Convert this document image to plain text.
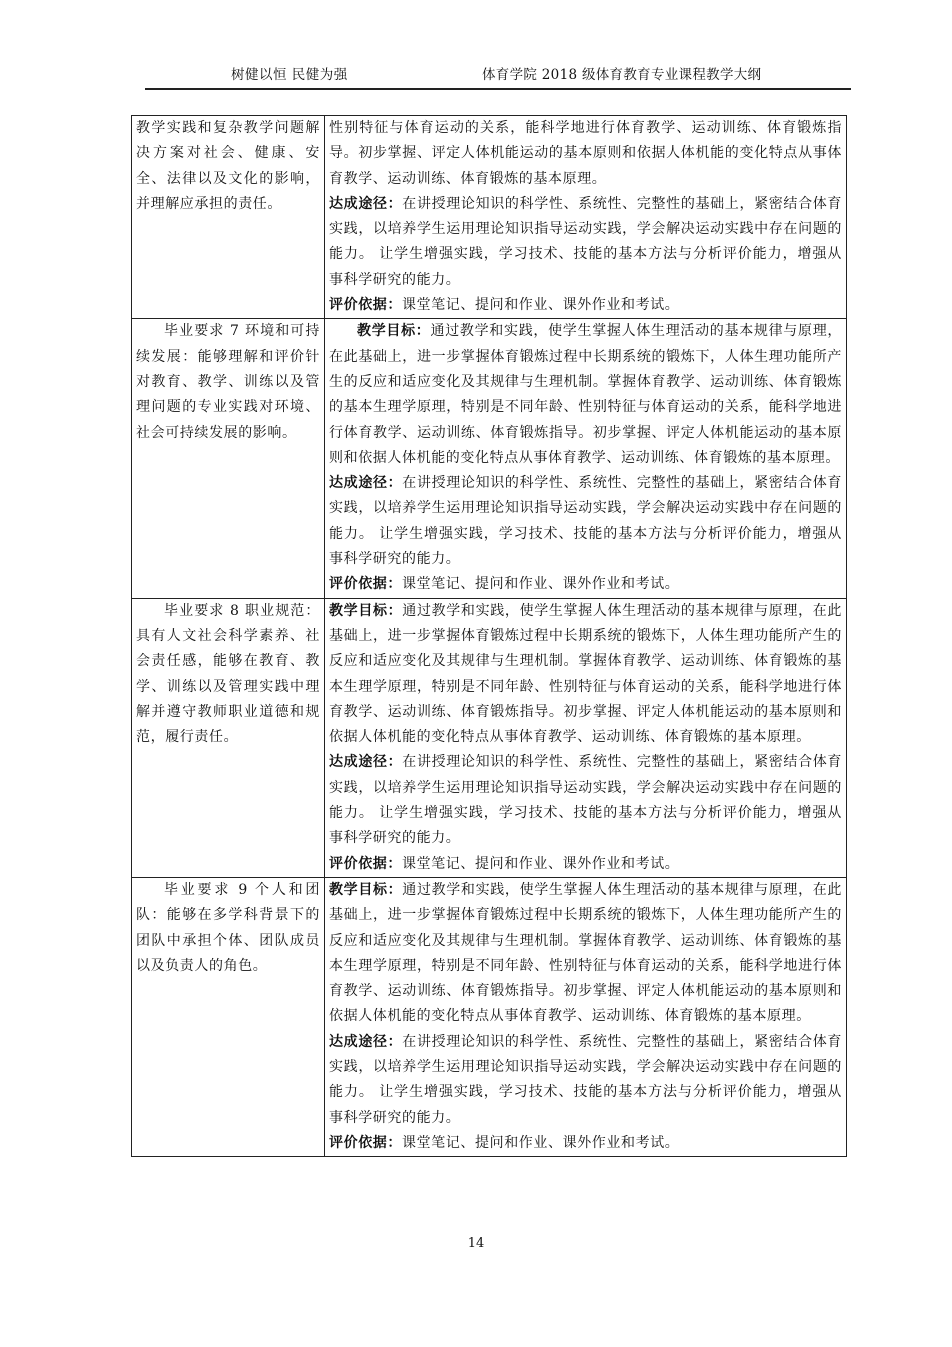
树健以恒 民健为强	体育学院 2018 级体育教育专业课程教学大纲
教学实践和复杂教学问题解决方案对社会、健康、安全、法律以及文化的影响，并理解应承担的责任。	性别特征与体育运动的关系，能科学地进行体育教学、运动训练、体育锻炼指导。初步掌握、评定人体机能运动的基本原则和依据人体机能的变化特点从事体育教学、运动训练、体育锻炼的基本原理。
达成途径：在讲授理论知识的科学性、系统性、完整性的基础上，紧密结合体育实践，以培养学生运用理论知识指导运动实践，学会解决运动实践中存在问题的能力。 让学生增强实践，学习技术、技能的基本方法与分析评价能力，增强从事科学研究的能力。
评价依据：课堂笔记、提问和作业、课外作业和考试。

毕业要求 7 环境和可持续发展：能够理解和评价针对教育、教学、训练以及管理问题的专业实践对环境、社会可持续发展的影响。	教学目标：通过教学和实践，使学生掌握人体生理活动的基本规律与原理，在此基础上，进一步掌握体育锻炼过程中长期系统的锻炼下，人体生理功能所产生的反应和适应变化及其规律与生理机制。掌握体育教学、运动训练、体育锻炼的基本生理学原理，特别是不同年龄、性别特征与体育运动的关系，能科学地进行体育教学、运动训练、体育锻炼指导。初步掌握、评定人体机能运动的基本原则和依据人体机能的变化特点从事体育教学、运动训练、体育锻炼的基本原理。
达成途径：在讲授理论知识的科学性、系统性、完整性的基础上，紧密结合体育实践，以培养学生运用理论知识指导运动实践，学会解决运动实践中存在问题的能力。 让学生增强实践，学习技术、技能的基本方法与分析评价能力，增强从事科学研究的能力。
评价依据：课堂笔记、提问和作业、课外作业和考试。

毕业要求 8 职业规范：具有人文社会科学素养、社会责任感，能够在教育、教学、训练以及管理实践中理解并遵守教师职业道德和规范，履行责任。	教学目标：通过教学和实践，使学生掌握人体生理活动的基本规律与原理，在此基础上，进一步掌握体育锻炼过程中长期系统的锻炼下，人体生理功能所产生的反应和适应变化及其规律与生理机制。掌握体育教学、运动训练、体育锻炼的基本生理学原理，特别是不同年龄、性别特征与体育运动的关系，能科学地进行体育教学、运动训练、体育锻炼指导。初步掌握、评定人体机能运动的基本原则和依据人体机能的变化特点从事体育教学、运动训练、体育锻炼的基本原理。
达成途径：在讲授理论知识的科学性、系统性、完整性的基础上，紧密结合体育实践，以培养学生运用理论知识指导运动实践，学会解决运动实践中存在问题的能力。 让学生增强实践，学习技术、技能的基本方法与分析评价能力，增强从事科学研究的能力。
评价依据：课堂笔记、提问和作业、课外作业和考试。

毕业要求 9 个人和团队：能够在多学科背景下的团队中承担个体、团队成员以及负责人的角色。	教学目标：通过教学和实践，使学生掌握人体生理活动的基本规律与原理，在此基础上，进一步掌握体育锻炼过程中长期系统的锻炼下，人体生理功能所产生的反应和适应变化及其规律与生理机制。掌握体育教学、运动训练、体育锻炼的基本生理学原理，特别是不同年龄、性别特征与体育运动的关系，能科学地进行体育教学、运动训练、体育锻炼指导。初步掌握、评定人体机能运动的基本原则和依据人体机能的变化特点从事体育教学、运动训练、体育锻炼的基本原理。
达成途径：在讲授理论知识的科学性、系统性、完整性的基础上，紧密结合体育实践，以培养学生运用理论知识指导运动实践，学会解决运动实践中存在问题的能力。 让学生增强实践，学习技术、技能的基本方法与分析评价能力，增强从事科学研究的能力。
评价依据：课堂笔记、提问和作业、课外作业和考试。
14
